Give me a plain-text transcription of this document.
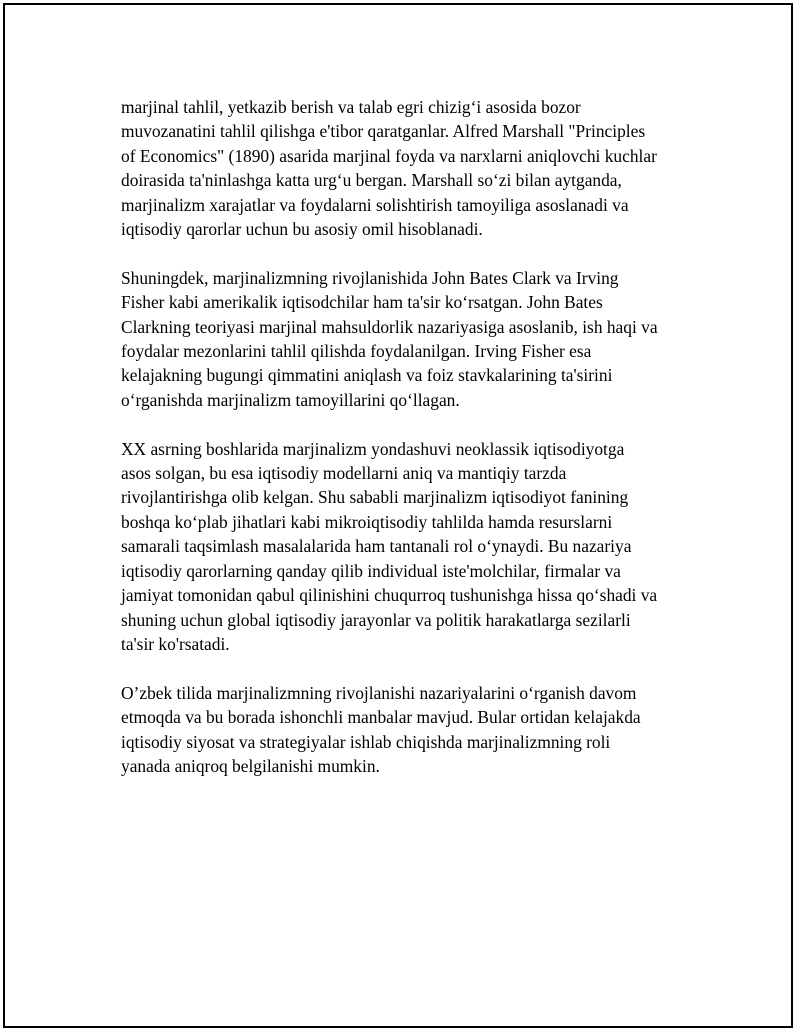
marjinal tahlil, yetkazib berish va talab egri chizig‘i asosida bozor
muvozanatini tahlil qilishga e'tibor qaratganlar. Alfred Marshall "Principles
of Economics" (1890) asarida marjinal foyda va narxlarni aniqlovchi kuchlar
doirasida ta'ninlashga katta urg‘u bergan. Marshall so‘zi bilan aytganda,
marjinalizm xarajatlar va foydalarni solishtirish tamoyiliga asoslanadi va
iqtisodiy qarorlar uchun bu asosiy omil hisoblanadi.

Shuningdek, marjinalizmning rivojlanishida John Bates Clark va Irving
Fisher kabi amerikalik iqtisodchilar ham ta'sir ko‘rsatgan. John Bates
Clarkning teoriyasi marjinal mahsuldorlik nazariyasiga asoslanib, ish haqi va
foydalar mezonlarini tahlil qilishda foydalanilgan. Irving Fisher esa
kelajakning bugungi qimmatini aniqlash va foiz stavkalarining ta'sirini
o‘rganishda marjinalizm tamoyillarini qo‘llagan.

XX asrning boshlarida marjinalizm yondashuvi neoklassik iqtisodiyotga
asos solgan, bu esa iqtisodiy modellarni aniq va mantiqiy tarzda
rivojlantirishga olib kelgan. Shu sababli marjinalizm iqtisodiyot fanining
boshqa ko‘plab jihatlari kabi mikroiqtisodiy tahlilda hamda resurslarni
samarali taqsimlash masalalarida ham tantanali rol o‘ynaydi. Bu nazariya
iqtisodiy qarorlarning qanday qilib individual iste'molchilar, firmalar va
jamiyat tomonidan qabul qilinishini chuqurroq tushunishga hissa qo‘shadi va
shuning uchun global iqtisodiy jarayonlar va politik harakatlarga sezilarli
ta'sir ko'rsatadi.

O’zbek tilida marjinalizmning rivojlanishi nazariyalarini o‘rganish davom
etmoqda va bu borada ishonchli manbalar mavjud. Bular ortidan kelajakda
iqtisodiy siyosat va strategiyalar ishlab chiqishda marjinalizmning roli
yanada aniqroq belgilanishi mumkin.
